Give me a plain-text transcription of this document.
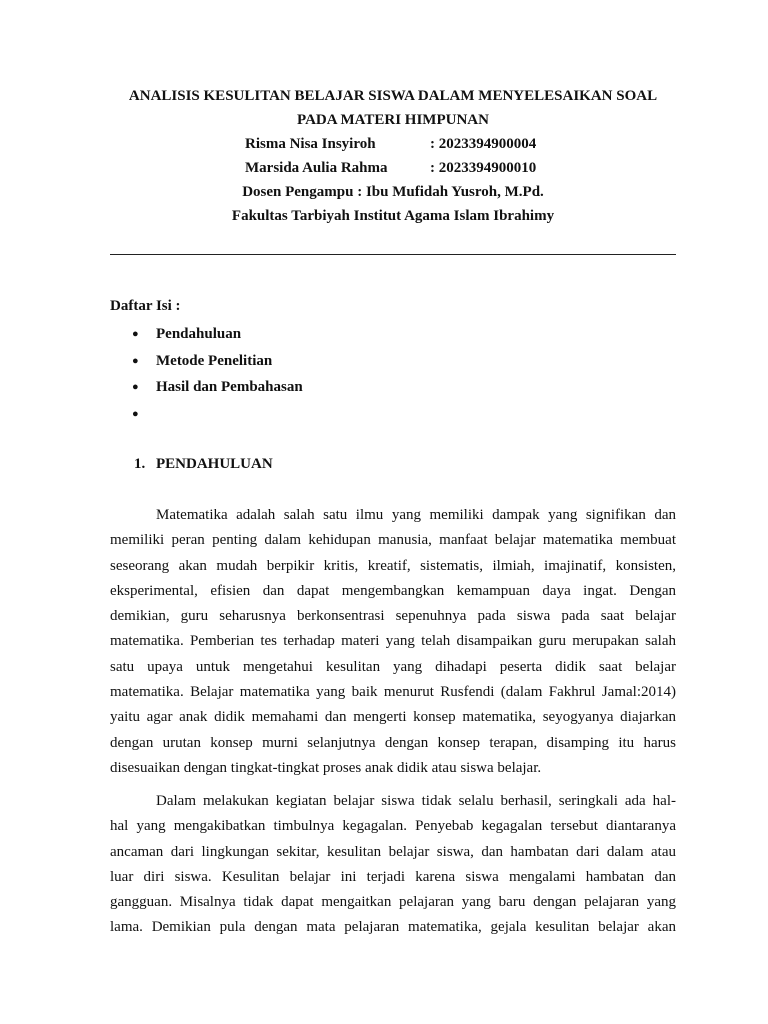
ANALISIS KESULITAN BELAJAR SISWA DALAM MENYELESAIKAN SOAL
PADA MATERI HIMPUNAN
Risma Nisa Insyiroh	: 2023394900004
Marsida Aulia Rahma	: 2023394900010
Dosen Pengampu : Ibu Mufidah Yusroh, M.Pd.
Fakultas Tarbiyah Institut Agama Islam Ibrahimy
Daftar Isi :
● Pendahuluan
● Metode Penelitian
● Hasil dan Pembahasan
●
1. PENDAHULUAN
Matematika adalah salah satu ilmu yang memiliki dampak yang signifikan dan
memiliki peran penting dalam kehidupan manusia, manfaat belajar matematika membuat
seseorang akan mudah berpikir kritis, kreatif, sistematis, ilmiah, imajinatif, konsisten,
eksperimental, efisien dan dapat mengembangkan kemampuan daya ingat. Dengan
demikian, guru seharusnya berkonsentrasi sepenuhnya pada siswa pada saat belajar
matematika. Pemberian tes terhadap materi yang telah disampaikan guru merupakan salah
satu upaya untuk mengetahui kesulitan yang dihadapi peserta didik saat belajar
matematika. Belajar matematika yang baik menurut Rusfendi (dalam Fakhrul Jamal:2014)
yaitu agar anak didik memahami dan mengerti konsep matematika, seyogyanya diajarkan
dengan urutan konsep murni selanjutnya dengan konsep terapan, disamping itu harus
disesuaikan dengan tingkat-tingkat proses anak didik atau siswa belajar.
Dalam melakukan kegiatan belajar siswa tidak selalu berhasil, seringkali ada hal-
hal yang mengakibatkan timbulnya kegagalan. Penyebab kegagalan tersebut diantaranya
ancaman dari lingkungan sekitar, kesulitan belajar siswa, dan hambatan dari dalam atau
luar diri siswa. Kesulitan belajar ini terjadi karena siswa mengalami hambatan dan
gangguan. Misalnya tidak dapat mengaitkan pelajaran yang baru dengan pelajaran yang
lama. Demikian pula dengan mata pelajaran matematika, gejala kesulitan belajar akan
